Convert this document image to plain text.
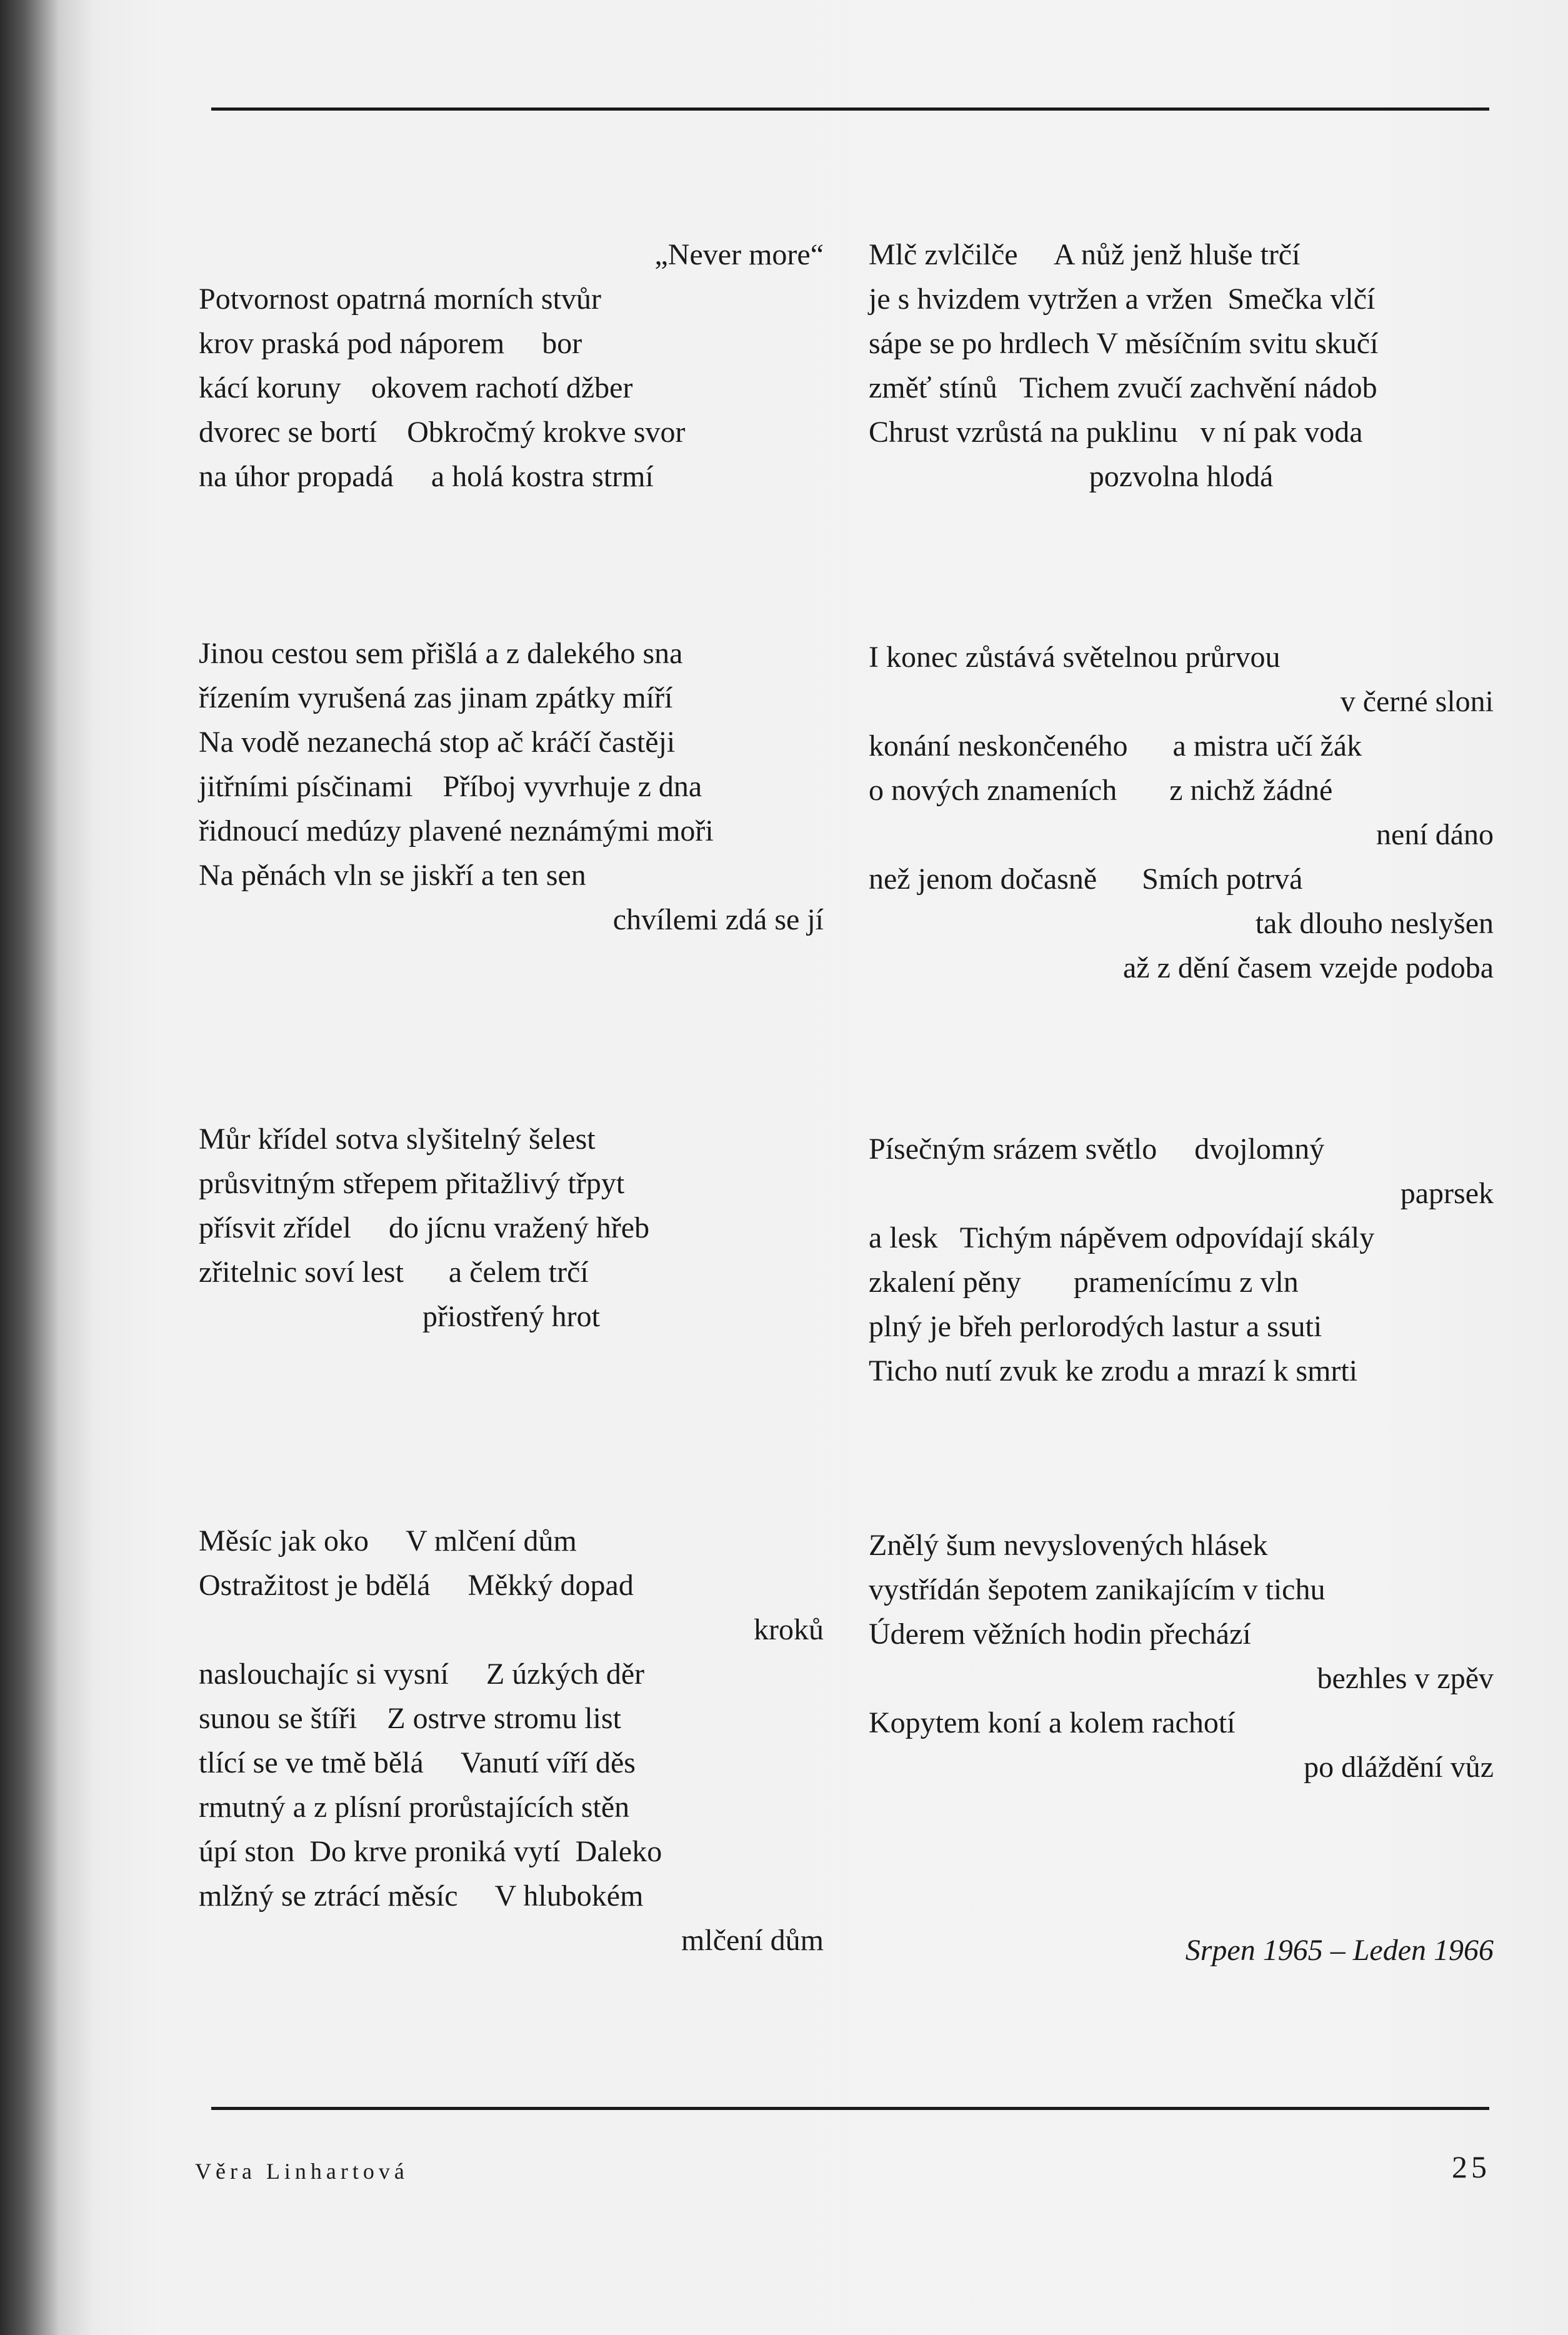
„Never more“
Potvornost opatrná morních stvůr
krov praská pod náporem     bor
kácí koruny    okovem rachotí džber
dvorec se bortí    Obkročmý krokve svor
na úhor propadá     a holá kostra strmí
Jinou cestou sem přišlá a z dalekého sna
řízením vyrušená zas jinam zpátky míří
Na vodě nezanechá stop ač kráčí častěji
jitřními písčinami    Příboj vyvrhuje z dna
řidnoucí medúzy plavené neznámými moři
Na pěnách vln se jiskří a ten sen
chvílemi zdá se jí
Můr křídel sotva slyšitelný šelest
průsvitným střepem přitažlivý třpyt
přísvit zřídel     do jícnu vražený hřeb
zřitelnic soví lest      a čelem trčí
přiostřený hrot
Měsíc jak oko     V mlčení dům
Ostražitost je bdělá     Měkký dopad
kroků
naslouchajíc si vysní     Z úzkých děr
sunou se štíři    Z ostrve stromu list
tlící se ve tmě bělá     Vanutí víří děs
rmutný a z plísní prorůstajících stěn
úpí ston  Do krve proniká vytí  Daleko
mlžný se ztrácí měsíc     V hlubokém
mlčení dům
Mlč zvlčilče     A nůž jenž hluše trčí
je s hvizdem vytržen a vržen  Smečka vlčí
sápe se po hrdlech V měsíčním svitu skučí
změť stínů   Tichem zvučí zachvění nádob
Chrust vzrůstá na puklinu   v ní pak voda
pozvolna hlodá
I konec zůstává světelnou průrvou
v černé sloni
konání neskončeného      a mistra učí žák
o nových znameních       z nichž žádné
není dáno
než jenom dočasně      Smích potrvá
tak dlouho neslyšen
až z dění časem vzejde podoba
Písečným srázem světlo     dvojlomný
paprsek
a lesk   Tichým nápěvem odpovídají skály
zkalení pěny       pramenícímu z vln
plný je břeh perlorodých lastur a ssuti
Ticho nutí zvuk ke zrodu a mrazí k smrti
Znělý šum nevyslovených hlásek
vystřídán šepotem zanikajícím v tichu
Úderem věžních hodin přechází
bezhles v zpěv
Kopytem koní a kolem rachotí
po dláždění vůz
Srpen 1965 – Leden 1966
Věra Linhartová	25
